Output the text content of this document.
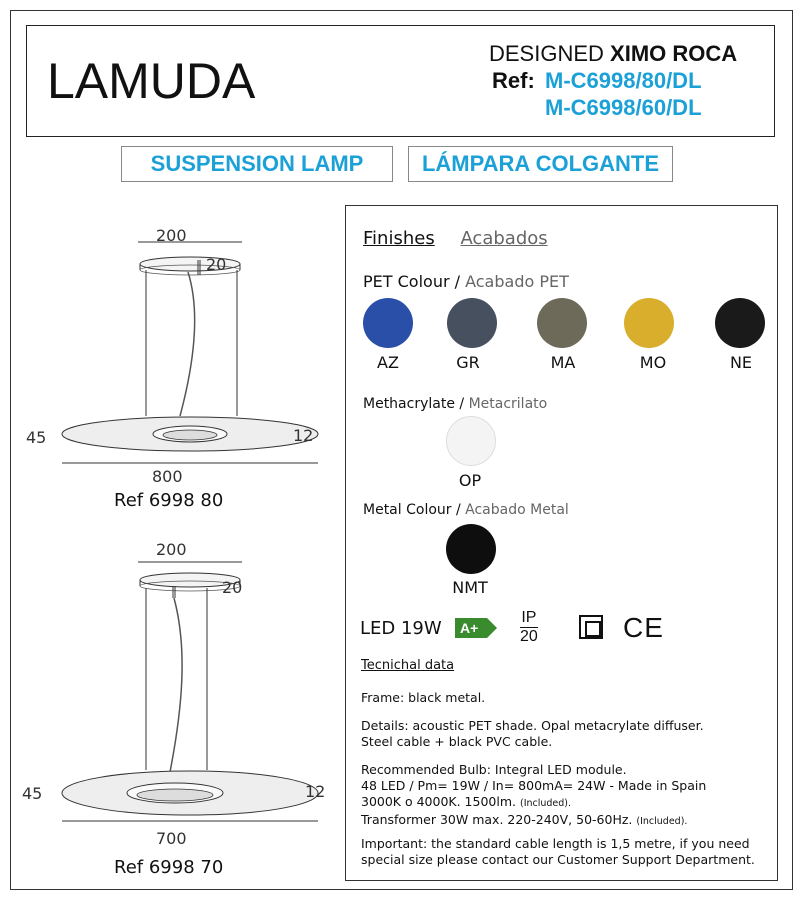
LAMUDA	DESIGNED XIMO ROCA
Ref: M-C6998/80/DL
M-C6998/60/DL
SUSPENSION LAMP	LÁMPARA COLGANTE
200
20
45	12
800
Ref 6998 80
200
20
45	12
700
Ref 6998 70
Finishes Acabados
PET Colour / Acabado PET
AZ	GR	MA	MO	NE
Methacrylate / Metacrilato
OP
Metal Colour / Acabado Metal
NMT
LED 19W A+
IP
20	CE
Tecnichal data
Frame: black metal.
Details: acoustic PET shade. Opal metacrylate diffuser.
Steel cable + black PVC cable.
Recommended Bulb: Integral LED module.
48 LED / Pm= 19W / In= 800mA= 24W - Made in Spain
3000K o 4000K. 1500lm. (Included).
Transformer 30W max. 220-240V, 50-60Hz. (Included).
Important: the standard cable length is 1,5 metre, if you need
special size please contact our Customer Support Department.
